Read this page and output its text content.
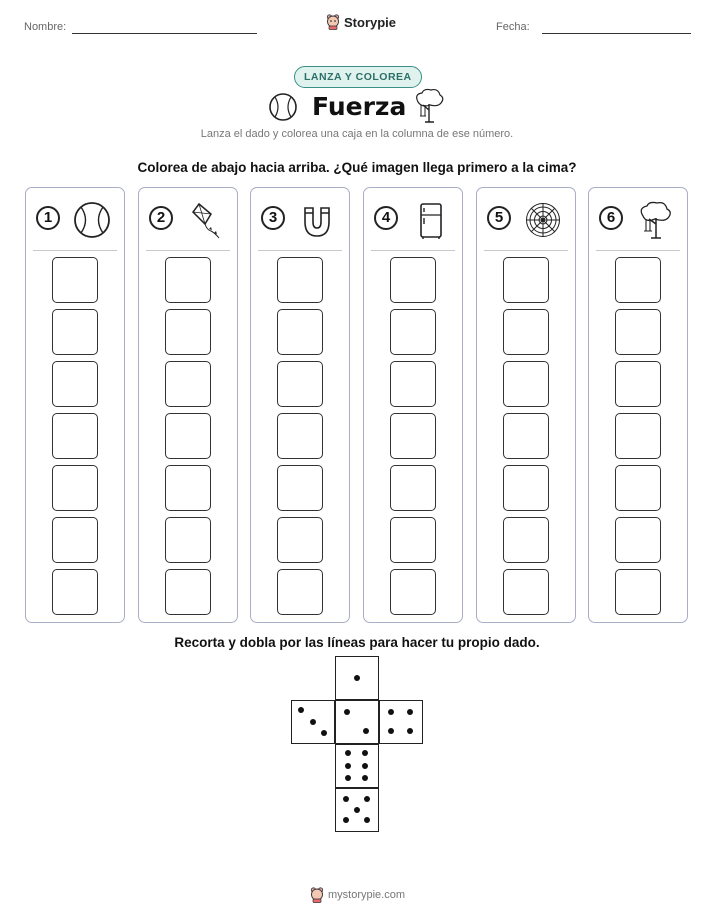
Nombre:	Storypie	Fecha:
LANZA Y COLOREA
Fuerza
Lanza el dado y colorea una caja en la columna de ese número.
Colorea de abajo hacia arriba. ¿Qué imagen llega primero a la cima?
1	2	3	4	5	6
Recorta y dobla por las líneas para hacer tu propio dado.
mystorypie.com
